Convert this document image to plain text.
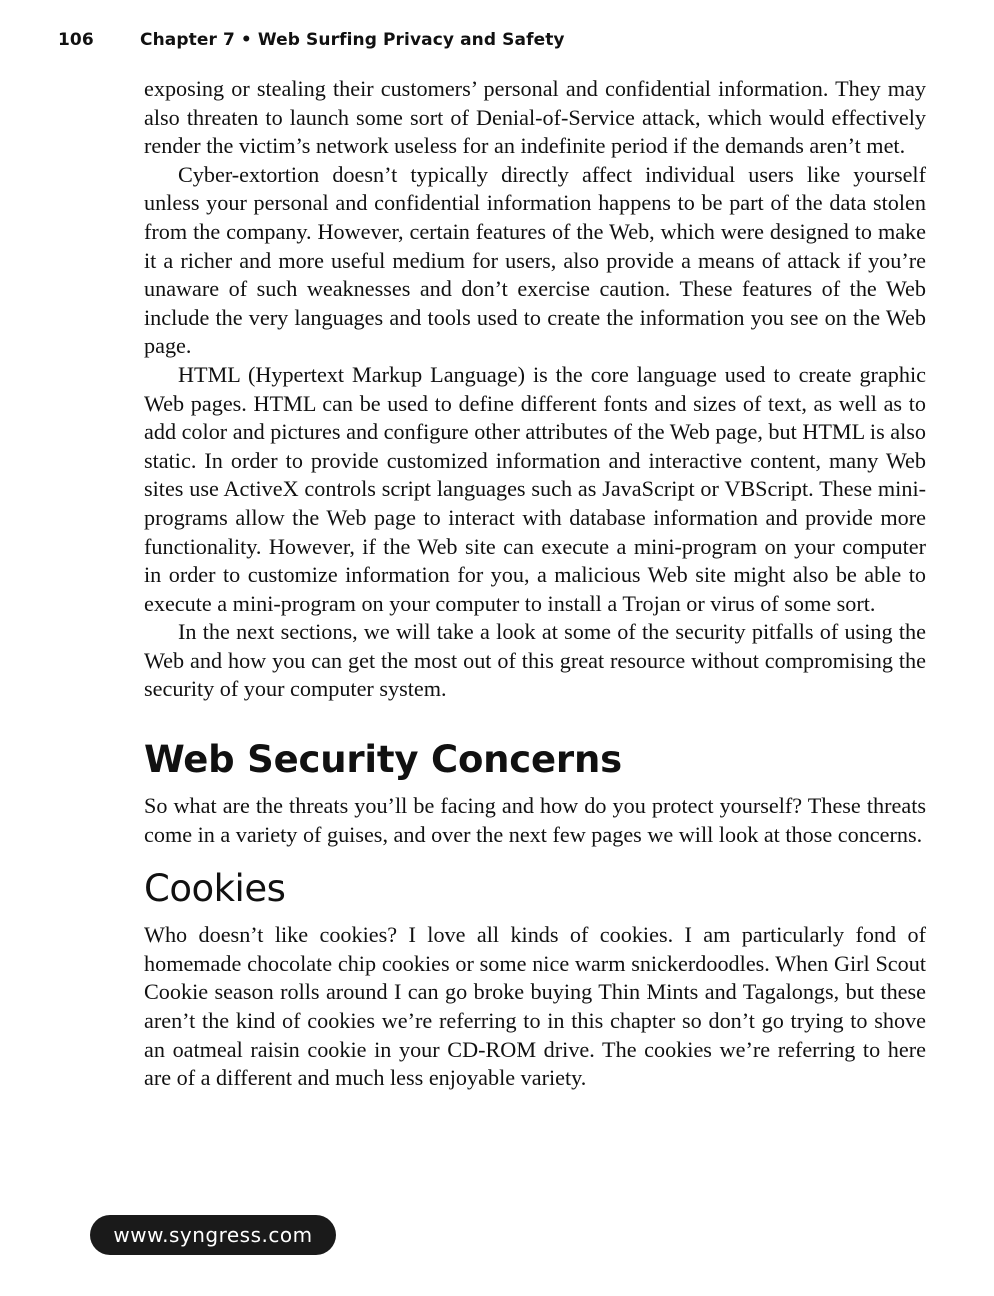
106	Chapter 7 • Web Surfing Privacy and Safety

exposing or stealing their customers’ personal and confidential information. They may also threaten to launch some sort of Denial-of-Service attack, which would effectively render the victim’s network useless for an indefinite period if the demands aren’t met.

Cyber-extortion doesn’t typically directly affect individual users like yourself unless your personal and confidential information happens to be part of the data stolen from the company. However, certain features of the Web, which were designed to make it a richer and more useful medium for users, also provide a means of attack if you’re unaware of such weaknesses and don’t exercise caution. These features of the Web include the very languages and tools used to create the information you see on the Web page.

HTML (Hypertext Markup Language) is the core language used to create graphic Web pages. HTML can be used to define different fonts and sizes of text, as well as to add color and pictures and configure other attributes of the Web page, but HTML is also static. In order to provide customized information and interactive content, many Web sites use ActiveX controls script languages such as JavaScript or VBScript. These mini-programs allow the Web page to interact with database information and provide more functionality. However, if the Web site can execute a mini-program on your computer in order to customize information for you, a malicious Web site might also be able to execute a mini-program on your computer to install a Trojan or virus of some sort.

In the next sections, we will take a look at some of the security pitfalls of using the Web and how you can get the most out of this great resource without compromising the security of your computer system.

Web Security Concerns

So what are the threats you’ll be facing and how do you protect yourself? These threats come in a variety of guises, and over the next few pages we will look at those concerns.

Cookies

Who doesn’t like cookies? I love all kinds of cookies. I am particularly fond of homemade chocolate chip cookies or some nice warm snickerdoodles. When Girl Scout Cookie season rolls around I can go broke buying Thin Mints and Tagalongs, but these aren’t the kind of cookies we’re referring to in this chapter so don’t go trying to shove an oatmeal raisin cookie in your CD-ROM drive. The cookies we’re referring to here are of a different and much less enjoyable variety.

www.syngress.com
